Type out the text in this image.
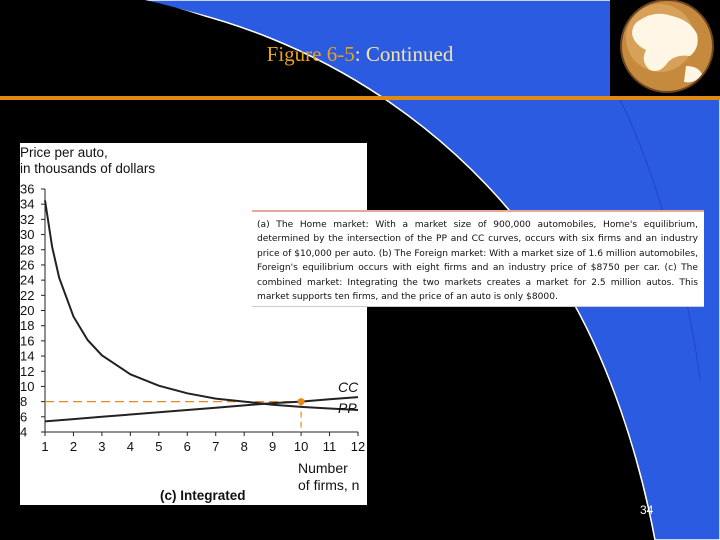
Figure 6-5: Continued
Price per auto,
in thousands of dollars
4
6
8
10
12
14
16
18
20
22
24
26
28
30
32
34
36
1 2 3 4 5 6 7 8 9 10 11 12
CC
PP
Number
of firms, n
(c) Integrated
(a) The Home market: With a market size of 900,000 automobiles, Home's equilibrium, determined by the intersection of the PP and CC curves, occurs with six firms and an industry price of $10,000 per auto. (b) The Foreign market: With a market size of 1.6 million automobiles, Foreign's equilibrium occurs with eight firms and an industry price of $8750 per car. (c) The combined market: Integrating the two markets creates a market for 2.5 million autos. This market supports ten firms, and the price of an auto is only $8000.
34
